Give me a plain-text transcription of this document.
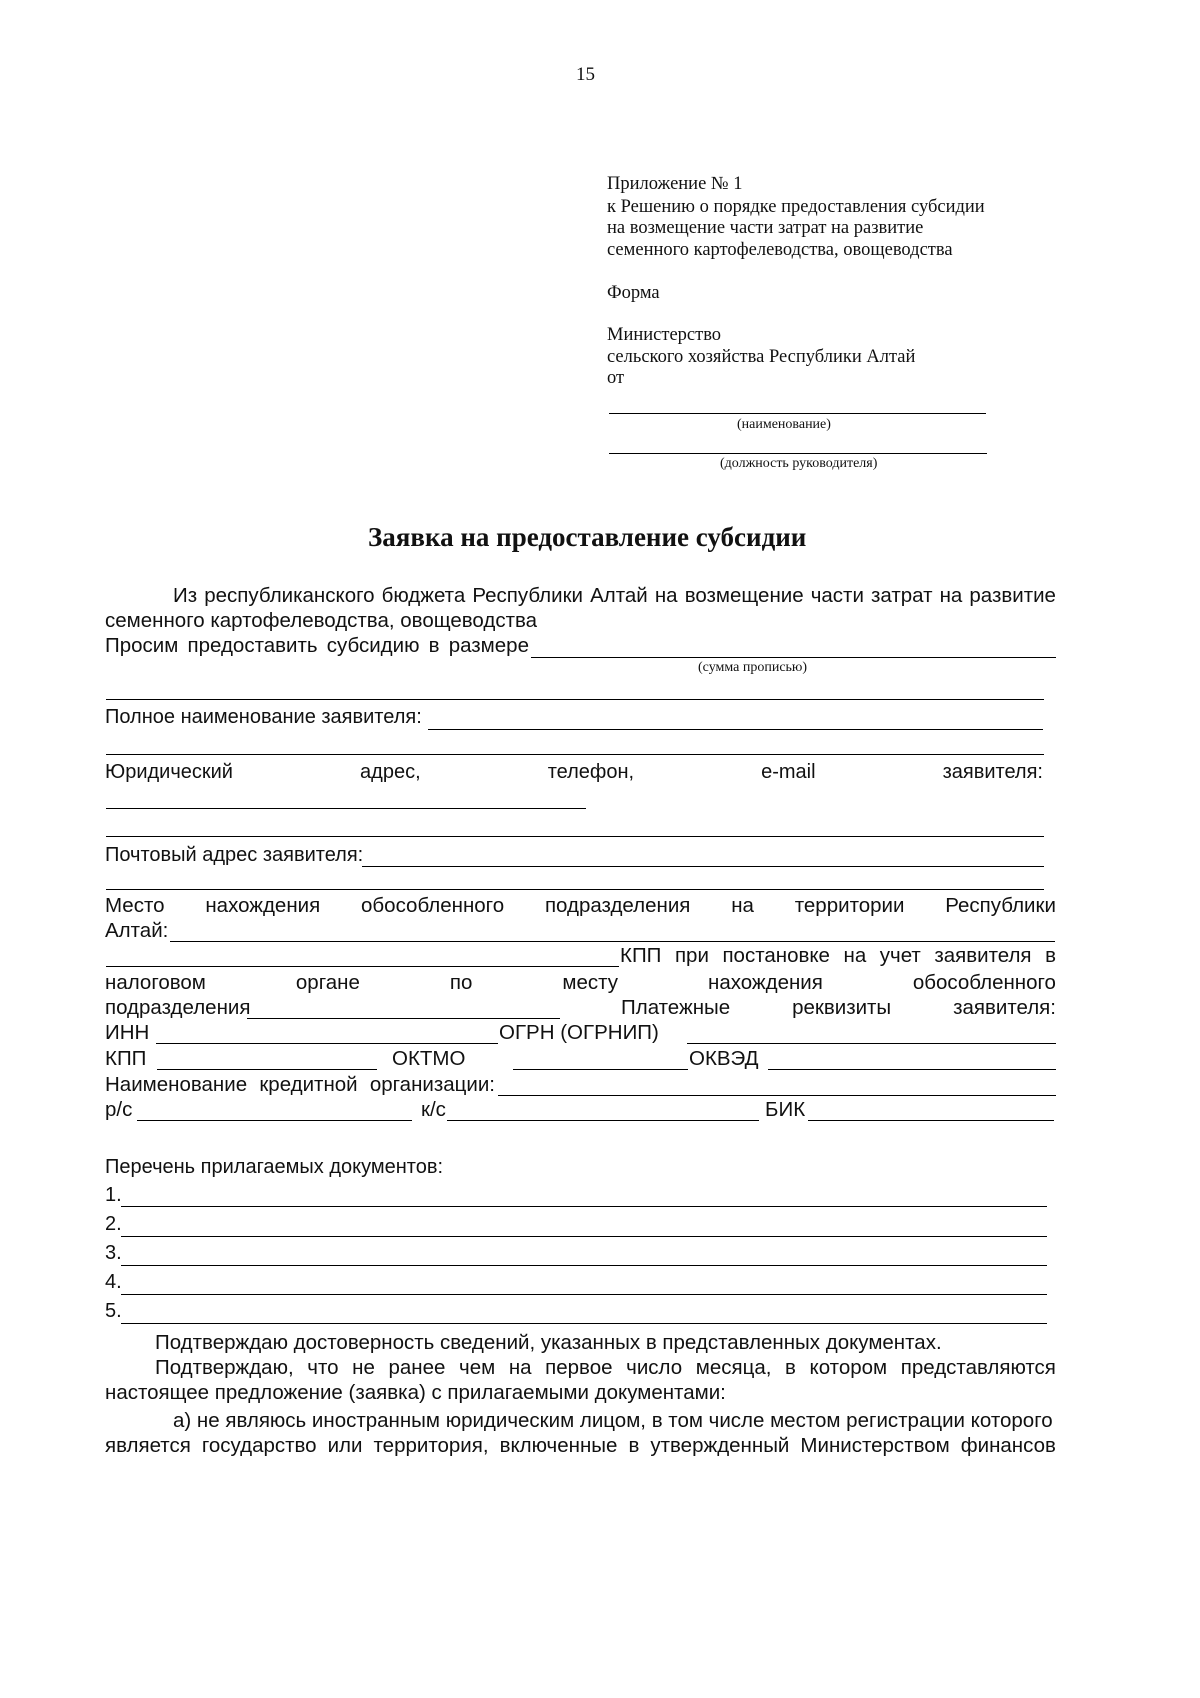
15
Приложение № 1
к Решению о порядке предоставления субсидии
на возмещение части затрат на развитие
семенного картофелеводства, овощеводства
Форма
Министерство
сельского хозяйства Республики Алтай
от
(наименование)
(должность руководителя)
Заявка на предоставление субсидии
Из республиканского бюджета Республики Алтай на возмещение части затрат на развитие
семенного картофелеводства, овощеводства
Просим предоставить субсидию в размере
(сумма прописью)
Полное наименование заявителя:
Юридический	адрес,	телефон,	e-mail	заявителя:
Почтовый адрес заявителя:
Место нахождения обособленного подразделения на территории Республики
Алтай:
КПП при постановке на учет заявителя в
налоговом	органе	по	месту	нахождения	обособленного
подразделения	Платежные	реквизиты	заявителя:
ИНН	ОГРН (ОГРНИП)
КПП	ОКТМО	ОКВЭД
Наименование кредитной организации:
р/с	к/с	БИК
Перечень прилагаемых документов:
1.
2.
3.
4.
5.
Подтверждаю достоверность сведений, указанных в представленных документах.
Подтверждаю, что не ранее чем на первое число месяца, в котором представляются
настоящее предложение (заявка) с прилагаемыми документами:
а) не являюсь иностранным юридическим лицом, в том числе местом регистрации которого
является государство или территория, включенные в утвержденный Министерством финансов
